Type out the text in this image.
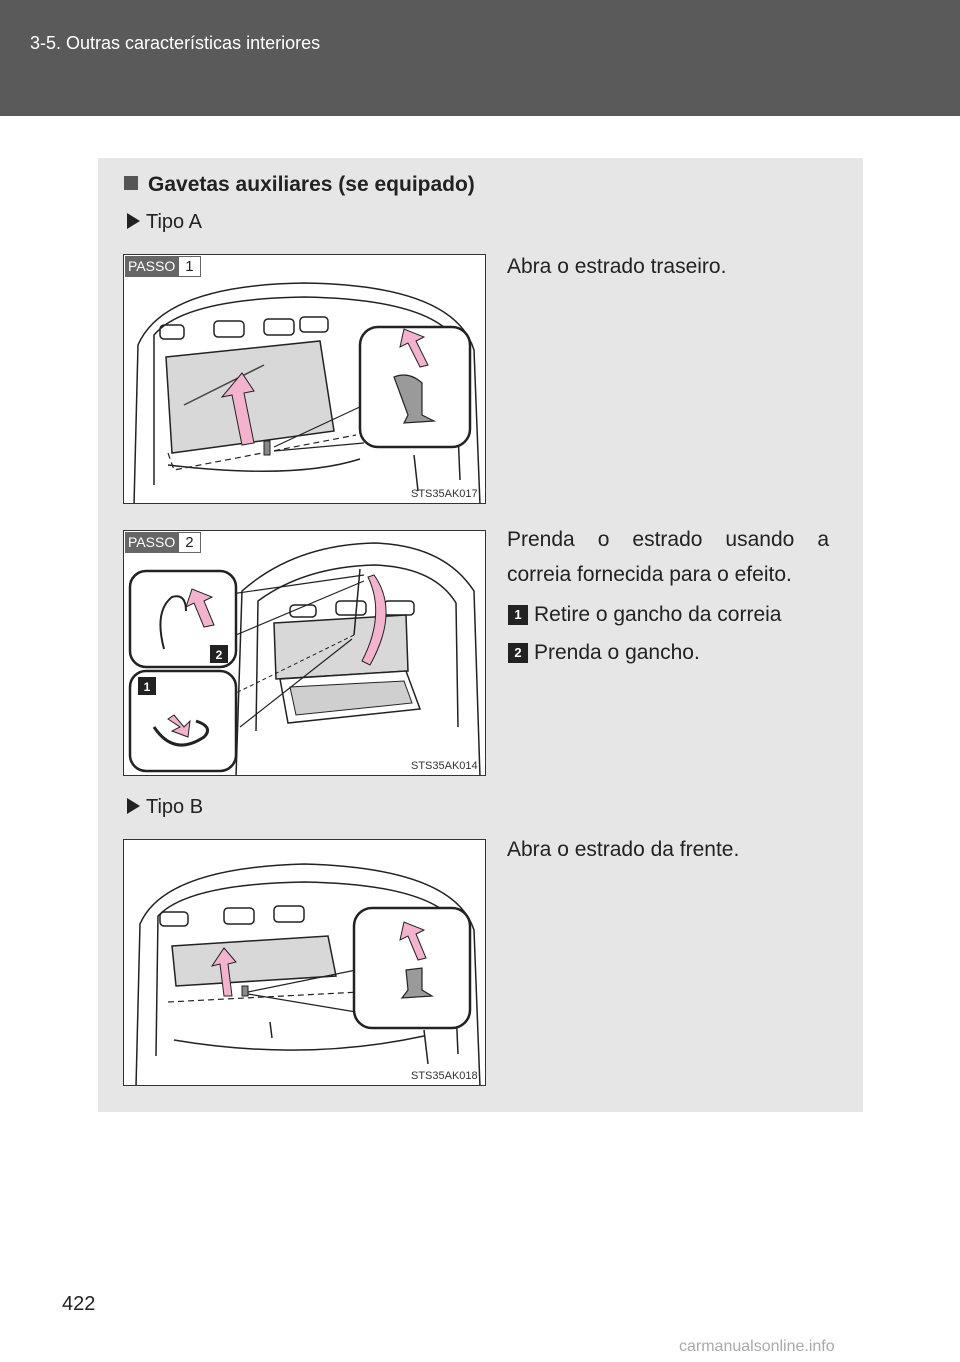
3-5. Outras características interiores
Gavetas auxiliares (se equipado)
Tipo A
PASSO 1
STS35AK017
Abra o estrado traseiro.
PASSO 2
2
1
STS35AK014
Prenda o estrado usando a correia fornecida para o efeito.
1 Retire o gancho da correia
2 Prenda o gancho.
Tipo B
STS35AK018
Abra o estrado da frente.
422
carmanualsonline.info
